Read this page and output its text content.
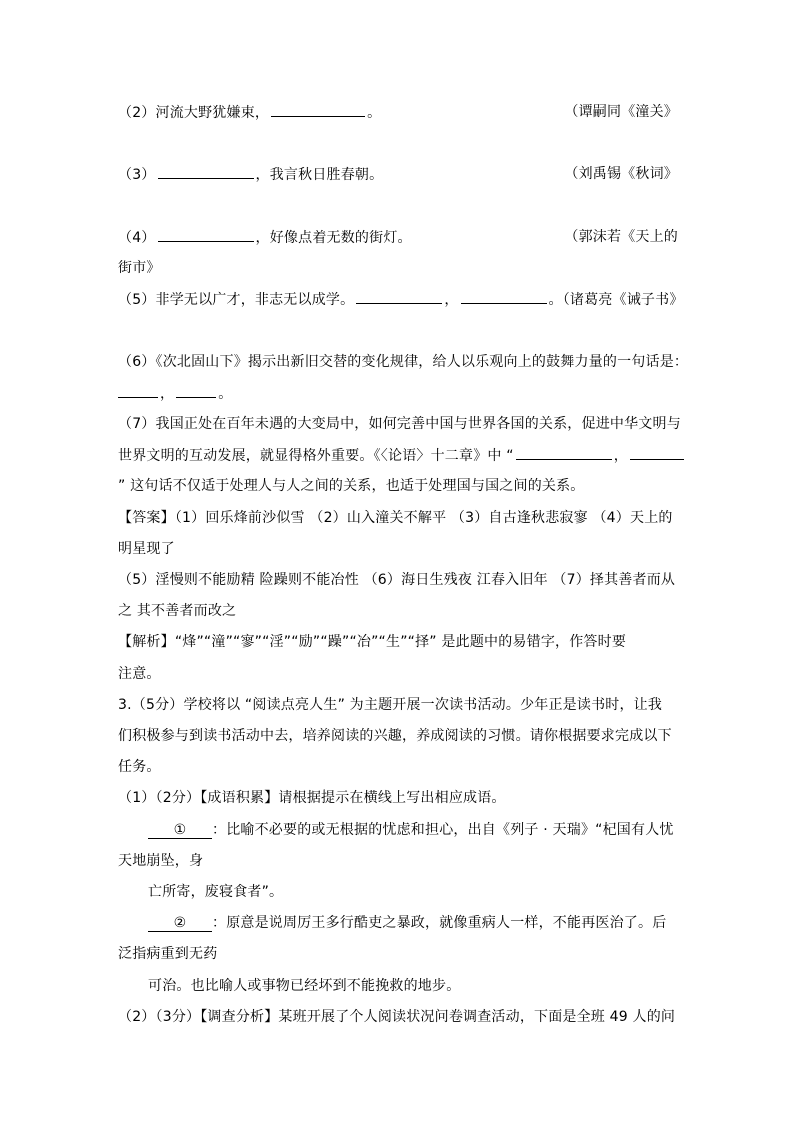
（2）河流大野犹嫌束，	。	（谭嗣同《潼关》
（3）	，我言秋日胜春朝。	（刘禹锡《秋词》
（4）	，好像点着无数的街灯。	（郭沫若《天上的
街市》
（5）非学无以广才，非志无以成学。	，	。（诸葛亮《诫子书》
（6）《次北固山下》揭示出新旧交替的变化规律，给人以乐观向上的鼓舞力量的一句话是：
，	。
（7）我国正处在百年未遇的大变局中，如何完善中国与世界各国的关系，促进中华文明与
世界文明的互动发展，就显得格外重要。《〈论语〉十二章》中 “	，
” 这句话不仅适于处理人与人之间的关系，也适于处理国与国之间的关系。
【答案】（1）回乐烽前沙似雪 （2）山入潼关不解平 （3）自古逢秋悲寂寥 （4）天上的
明星现了
（5）淫慢则不能励精 险躁则不能冶性 （6）海日生残夜 江春入旧年 （7）择其善者而从
之 其不善者而改之
【解析】“烽”“潼”“寥”“淫”“励”“躁”“冶”“生”“择” 是此题中的易错字，作答时要
注意。
3.（5分）学校将以 “阅读点亮人生” 为主题开展一次读书活动。少年正是读书时，让我
们积极参与到读书活动中去，培养阅读的兴趣，养成阅读的习惯。请你根据要求完成以下
任务。
（1）（2分）【成语积累】请根据提示在横线上写出相应成语。
① ：比喻不必要的或无根据的忧虑和担心，出自《列子 · 天瑞》“杞国有人忧
天地崩坠，身
亡所寄，废寝食者”。
② ：原意是说周厉王多行酷吏之暴政，就像重病人一样，不能再医治了。后
泛指病重到无药
可治。也比喻人或事物已经坏到不能挽救的地步。
（2）（3分）【调查分析】某班开展了个人阅读状况问卷调查活动，下面是全班 49 人的问
